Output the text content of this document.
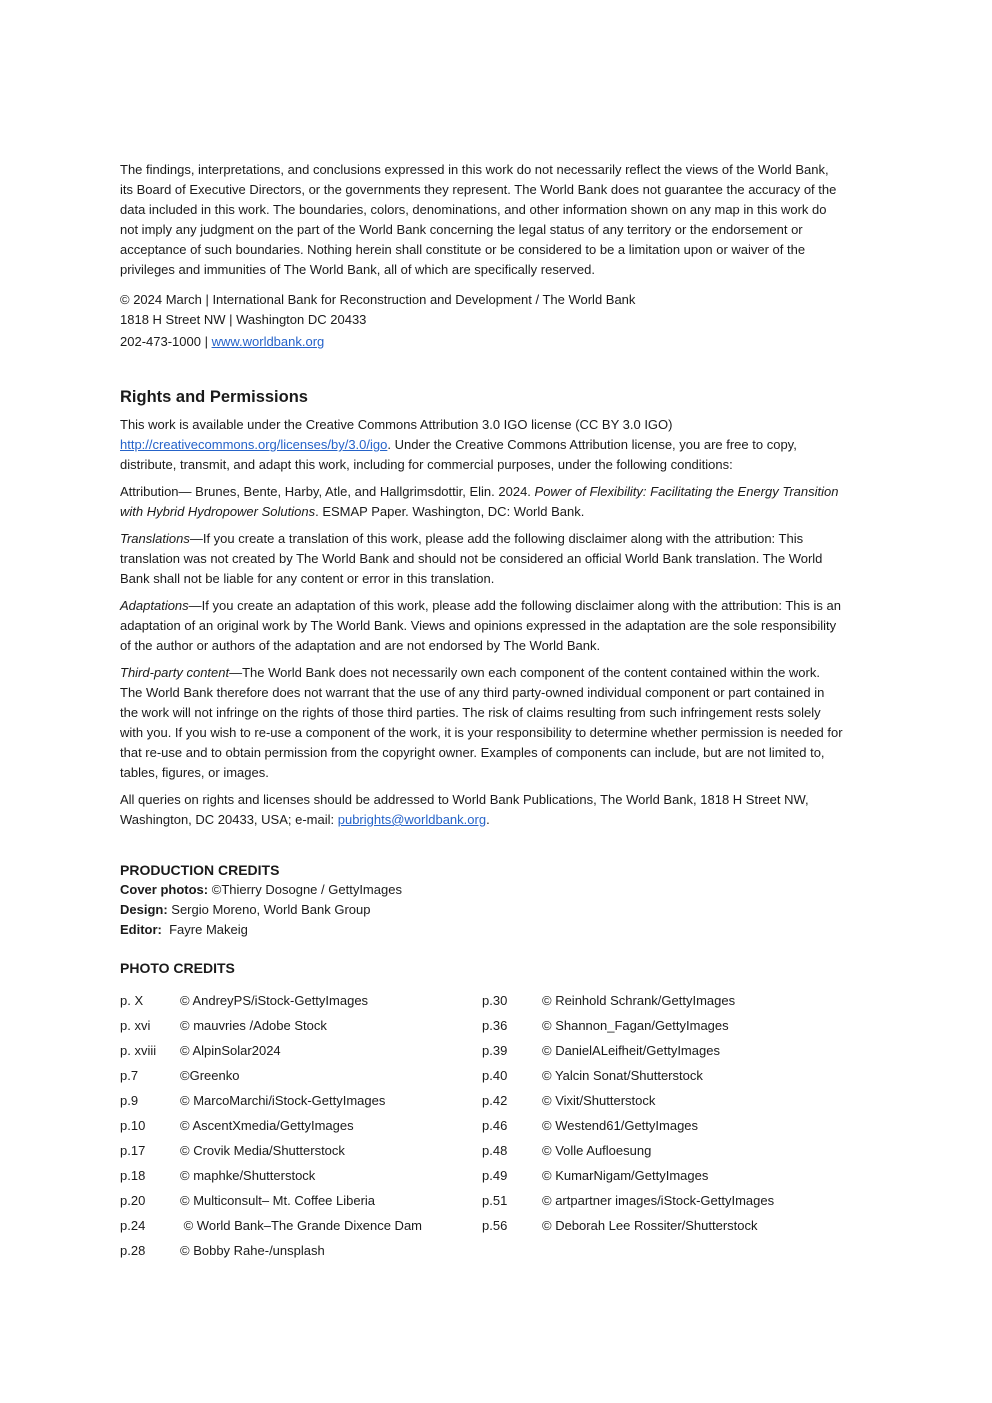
The findings, interpretations, and conclusions expressed in this work do not necessarily reflect the views of the World Bank, its Board of Executive Directors, or the governments they represent. The World Bank does not guarantee the accuracy of the data included in this work. The boundaries, colors, denominations, and other information shown on any map in this work do not imply any judgment on the part of the World Bank concerning the legal status of any territory or the endorsement or acceptance of such boundaries. Nothing herein shall constitute or be considered to be a limitation upon or waiver of the privileges and immunities of The World Bank, all of which are specifically reserved.

© 2024 March | International Bank for Reconstruction and Development / The World Bank

1818 H Street NW | Washington DC 20433

202-473-1000 | www.worldbank.org

Rights and Permissions

This work is available under the Creative Commons Attribution 3.0 IGO license (CC BY 3.0 IGO) http://creativecommons.org/licenses/by/3.0/igo. Under the Creative Commons Attribution license, you are free to copy, distribute, transmit, and adapt this work, including for commercial purposes, under the following conditions:

Attribution— Brunes, Bente, Harby, Atle, and Hallgrimsdottir, Elin. 2024. Power of Flexibility: Facilitating the Energy Transition with Hybrid Hydropower Solutions. ESMAP Paper. Washington, DC: World Bank.

Translations—If you create a translation of this work, please add the following disclaimer along with the attribution: This translation was not created by The World Bank and should not be considered an official World Bank translation. The World Bank shall not be liable for any content or error in this translation.

Adaptations—If you create an adaptation of this work, please add the following disclaimer along with the attribution: This is an adaptation of an original work by The World Bank. Views and opinions expressed in the adaptation are the sole responsibility of the author or authors of the adaptation and are not endorsed by The World Bank.

Third-party content—The World Bank does not necessarily own each component of the content contained within the work. The World Bank therefore does not warrant that the use of any third party-owned individual component or part contained in the work will not infringe on the rights of those third parties. The risk of claims resulting from such infringement rests solely with you. If you wish to re-use a component of the work, it is your responsibility to determine whether permission is needed for that re-use and to obtain permission from the copyright owner. Examples of components can include, but are not limited to, tables, figures, or images.

All queries on rights and licenses should be addressed to World Bank Publications, The World Bank, 1818 H Street NW, Washington, DC 20433, USA; e-mail: pubrights@worldbank.org.

PRODUCTION CREDITS
Cover photos: ©Thierry Dosogne / GettyImages
Design: Sergio Moreno, World Bank Group
Editor:  Fayre Makeig
PHOTO CREDITS
p. X	© AndreyPS/iStock-GettyImages
p. xvi	© mauvries /Adobe Stock
p. xviii	© AlpinSolar2024
p.7	©Greenko
p.9	© MarcoMarchi/iStock-GettyImages
p.10	© AscentXmedia/GettyImages
p.17	© Crovik Media/Shutterstock
p.18	© maphke/Shutterstock
p.20	© Multiconsult– Mt. Coffee Liberia
p.24	© World Bank–The Grande Dixence Dam
p.28	© Bobby Rahe-/unsplash
p.30	© Reinhold Schrank/GettyImages
p.36	© Shannon_Fagan/GettyImages
p.39	© DanielALeifheit/GettyImages
p.40	© Yalcin Sonat/Shutterstock
p.42	© Vixit/Shutterstock
p.46	© Westend61/GettyImages
p.48	© Volle Aufloesung
p.49	© KumarNigam/GettyImages
p.51	© artpartner images/iStock-GettyImages
p.56	© Deborah Lee Rossiter/Shutterstock
